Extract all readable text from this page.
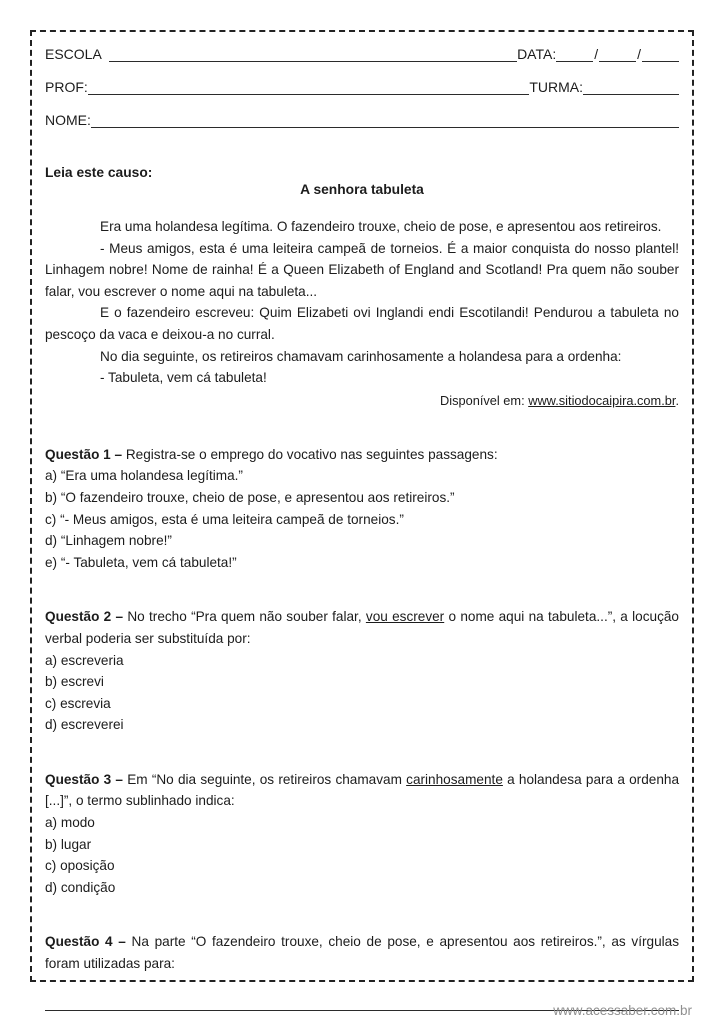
ESCOLA	DATA:	/	/
PROF:	TURMA:
NOME:

Leia este causo:

A senhora tabuleta

Era uma holandesa legítima. O fazendeiro trouxe, cheio de pose, e apresentou aos retireiros.

- Meus amigos, esta é uma leiteira campeã de torneios. É a maior conquista do nosso plantel! Linhagem nobre! Nome de rainha! É a Queen Elizabeth of England and Scotland! Pra quem não souber falar, vou escrever o nome aqui na tabuleta...

E o fazendeiro escreveu: Quim Elizabeti ovi Inglandi endi Escotilandi! Pendurou a tabuleta no pescoço da vaca e deixou-a no curral.

No dia seguinte, os retireiros chamavam carinhosamente a holandesa para a ordenha:

- Tabuleta, vem cá tabuleta!

Disponível em: www.sitiodocaipira.com.br.

Questão 1 – Registra-se o emprego do vocativo nas seguintes passagens:

a) “Era uma holandesa legítima.”

b) “O fazendeiro trouxe, cheio de pose, e apresentou aos retireiros.”

c) “- Meus amigos, esta é uma leiteira campeã de torneios.”

d) “Linhagem nobre!”

e) “- Tabuleta, vem cá tabuleta!”

Questão 2 – No trecho “Pra quem não souber falar, vou escrever o nome aqui na tabuleta...”, a locução verbal poderia ser substituída por:

a) escreveria

b) escrevi

c) escrevia

d) escreverei

Questão 3 – Em “No dia seguinte, os retireiros chamavam carinhosamente a holandesa para a ordenha [...]”, o termo sublinhado indica:

a) modo

b) lugar

c) oposição

d) condição

Questão 4 – Na parte “O fazendeiro trouxe, cheio de pose, e apresentou aos retireiros.”, as vírgulas foram utilizadas para:

www.acessaber.com.br
